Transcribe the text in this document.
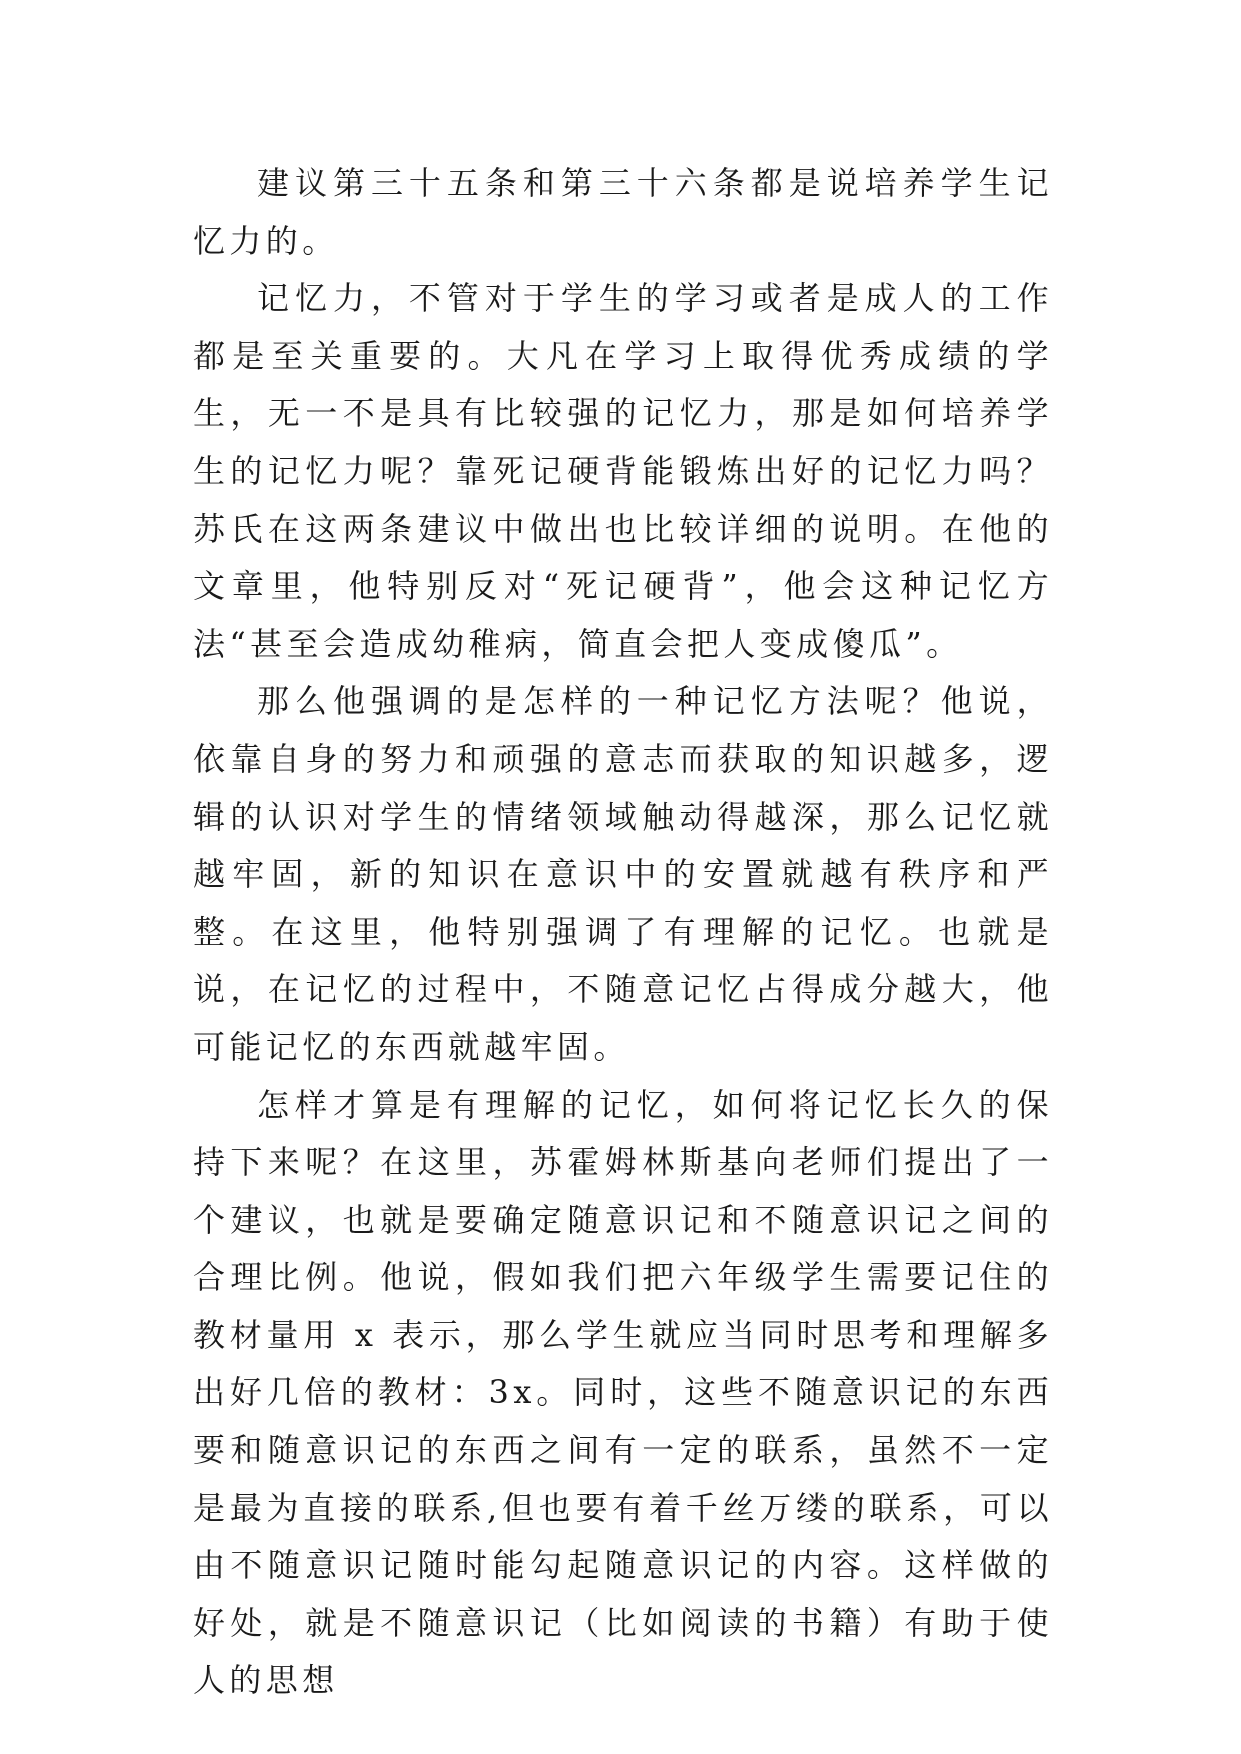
建议第三十五条和第三十六条都是说培养学生记忆力的。

记忆力，不管对于学生的学习或者是成人的工作都是至关重要的。大凡在学习上取得优秀成绩的学生，无一不是具有比较强的记忆力，那是如何培养学生的记忆力呢？靠死记硬背能锻炼出好的记忆力吗？苏氏在这两条建议中做出也比较详细的说明。在他的文章里，他特别反对“死记硬背”，他会这种记忆方法“甚至会造成幼稚病，简直会把人变成傻瓜”。

那么他强调的是怎样的一种记忆方法呢？他说，依靠自身的努力和顽强的意志而获取的知识越多，逻辑的认识对学生的情绪领域触动得越深，那么记忆就越牢固，新的知识在意识中的安置就越有秩序和严整。在这里，他特别强调了有理解的记忆。也就是说，在记忆的过程中，不随意记忆占得成分越大，他可能记忆的东西就越牢固。

怎样才算是有理解的记忆，如何将记忆长久的保持下来呢？在这里，苏霍姆林斯基向老师们提出了一个建议，也就是要确定随意识记和不随意识记之间的合理比例。他说，假如我们把六年级学生需要记住的教材量用 x 表示，那么学生就应当同时思考和理解多出好几倍的教材：3x。同时，这些不随意识记的东西要和随意识记的东西之间有一定的联系，虽然不一定是最为直接的联系,但也要有着千丝万缕的联系，可以由不随意识记随时能勾起随意识记的内容。这样做的好处，就是不随意识记（比如阅读的书籍）有助于使人的思想
